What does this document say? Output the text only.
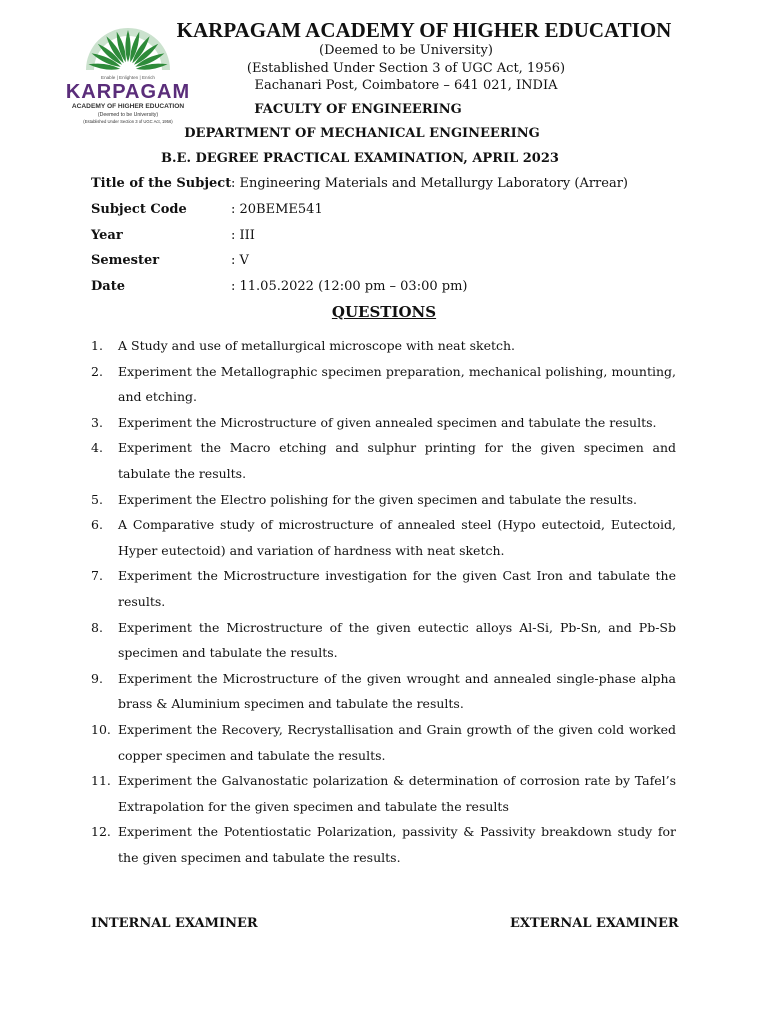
Enable | Enlighten | Enrich
KARPAGAM
ACADEMY OF HIGHER EDUCATION
(Deemed to be University)
(Established Under Section 3 of UGC Act, 1956)
KARPAGAM ACADEMY OF HIGHER EDUCATION
(Deemed to be University)
(Established Under Section 3 of UGC Act, 1956)
Eachanari Post, Coimbatore – 641 021, INDIA
FACULTY OF ENGINEERING
DEPARTMENT OF MECHANICAL ENGINEERING
B.E. DEGREE PRACTICAL EXAMINATION, APRIL 2023
Title of the Subject : Engineering Materials and Metallurgy Laboratory (Arrear)
Subject Code	: 20BEME541
Year	: III
Semester	: V
Date	: 11.05.2022 (12:00 pm – 03:00 pm)
QUESTIONS
1. A Study and use of metallurgical microscope with neat sketch.
2. Experiment the Metallographic specimen preparation, mechanical polishing, mounting, and etching.
3. Experiment the Microstructure of given annealed specimen and tabulate the results.
4. Experiment the Macro etching and sulphur printing for the given specimen and tabulate the results.
5. Experiment the Electro polishing for the given specimen and tabulate the results.
6. A Comparative study of microstructure of annealed steel (Hypo eutectoid, Eutectoid, Hyper eutectoid) and variation of hardness with neat sketch.
7. Experiment the Microstructure investigation for the given Cast Iron and tabulate the results.
8. Experiment the Microstructure of the given eutectic alloys Al-Si, Pb-Sn, and Pb-Sb specimen and tabulate the results.
9. Experiment the Microstructure of the given wrought and annealed single-phase alpha brass & Aluminium specimen and tabulate the results.
10. Experiment the Recovery, Recrystallisation and Grain growth of the given cold worked copper specimen and tabulate the results.
11. Experiment the Galvanostatic polarization & determination of corrosion rate by Tafel’s Extrapolation for the given specimen and tabulate the results
12. Experiment the Potentiostatic Polarization, passivity & Passivity breakdown study for the given specimen and tabulate the results.
INTERNAL EXAMINER	EXTERNAL EXAMINER
